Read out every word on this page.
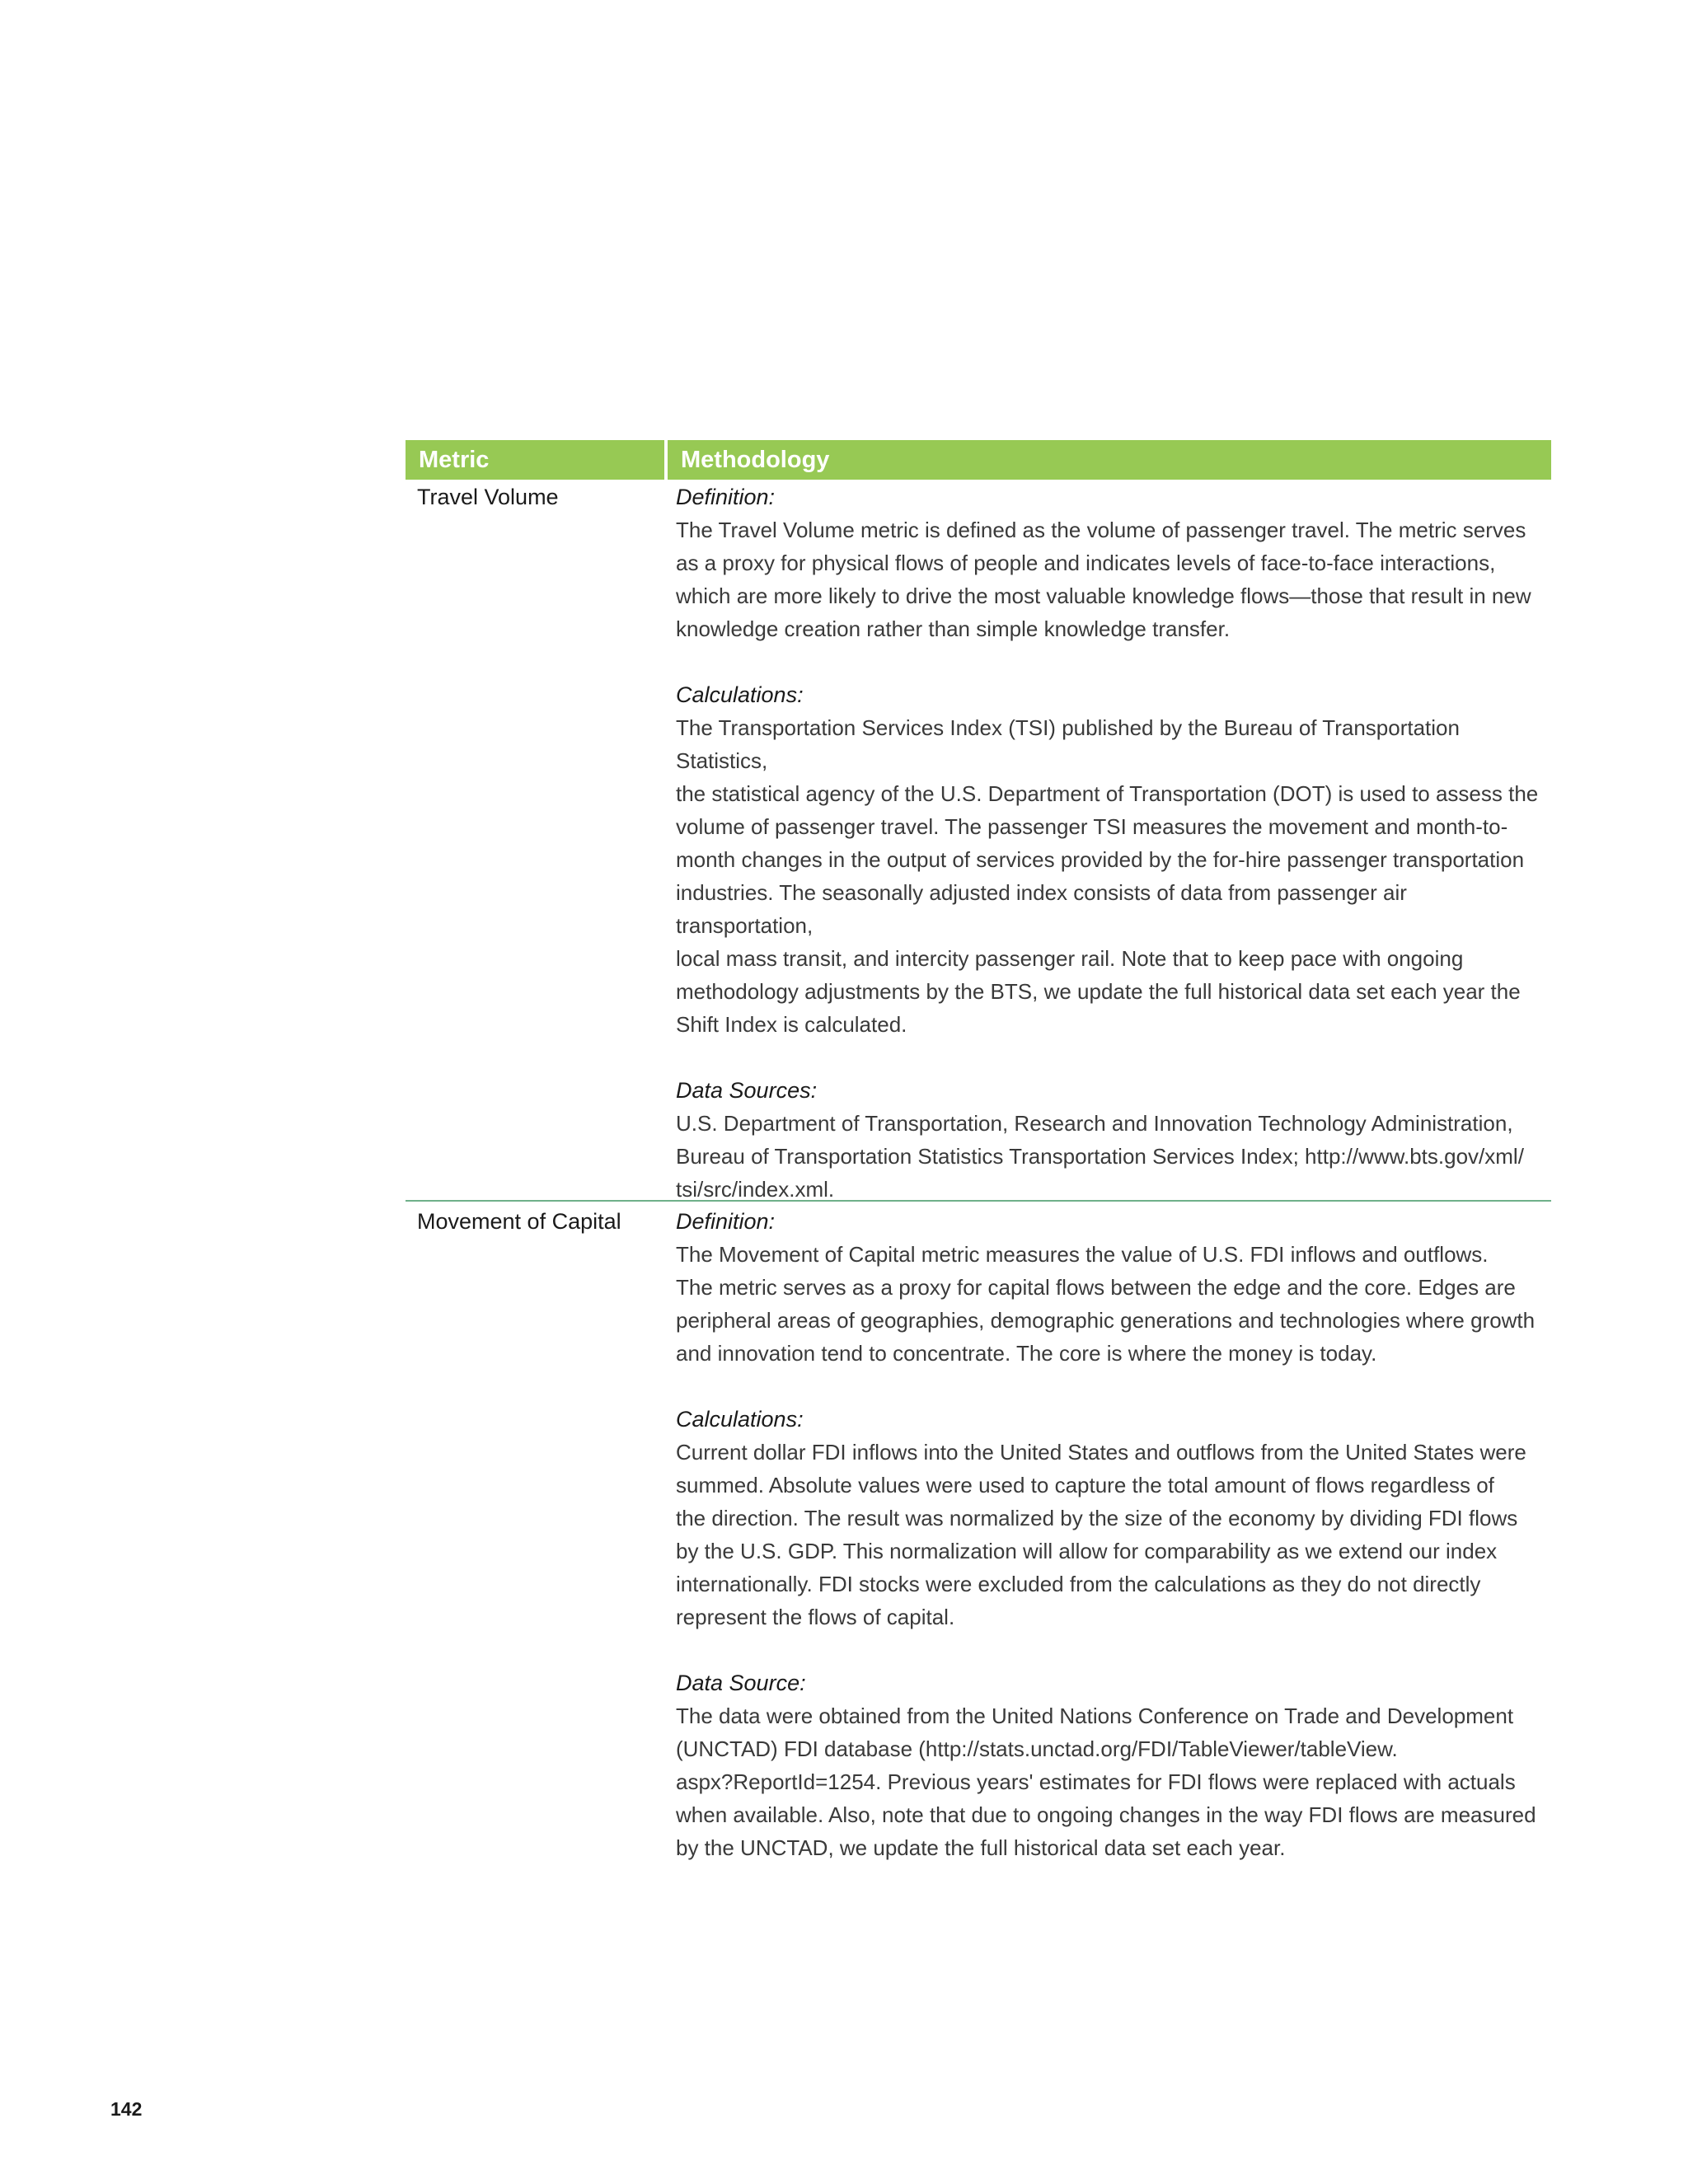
Metric	Methodology
Travel Volume	Definition:

The Travel Volume metric is defined as the volume of passenger travel. The metric serves
as a proxy for physical flows of people and indicates levels of face-to-face interactions,
which are more likely to drive the most valuable knowledge flows—those that result in new
knowledge creation rather than simple knowledge transfer.

Calculations:

The Transportation Services Index (TSI) published by the Bureau of Transportation Statistics,
the statistical agency of the U.S. Department of Transportation (DOT) is used to assess the
volume of passenger travel. The passenger TSI measures the movement and month-to-
month changes in the output of services provided by the for-hire passenger transportation
industries. The seasonally adjusted index consists of data from passenger air transportation,
local mass transit, and intercity passenger rail. Note that to keep pace with ongoing
methodology adjustments by the BTS, we update the full historical data set each year the
Shift Index is calculated.

Data Sources:

U.S. Department of Transportation, Research and Innovation Technology Administration,
Bureau of Transportation Statistics Transportation Services Index; http://www.bts.gov/xml/
tsi/src/index.xml.

Movement of Capital Definition:

The Movement of Capital metric measures the value of U.S. FDI inflows and outflows.
The metric serves as a proxy for capital flows between the edge and the core. Edges are
peripheral areas of geographies, demographic generations and technologies where growth
and innovation tend to concentrate. The core is where the money is today.

Calculations:

Current dollar FDI inflows into the United States and outflows from the United States were
summed. Absolute values were used to capture the total amount of flows regardless of
the direction. The result was normalized by the size of the economy by dividing FDI flows
by the U.S. GDP. This normalization will allow for comparability as we extend our index
internationally. FDI stocks were excluded from the calculations as they do not directly
represent the flows of capital.

Data Source:

The data were obtained from the United Nations Conference on Trade and Development
(UNCTAD) FDI database (http://stats.unctad.org/FDI/TableViewer/tableView.
aspx?ReportId=1254. Previous years' estimates for FDI flows were replaced with actuals
when available. Also, note that due to ongoing changes in the way FDI flows are measured
by the UNCTAD, we update the full historical data set each year.

142
